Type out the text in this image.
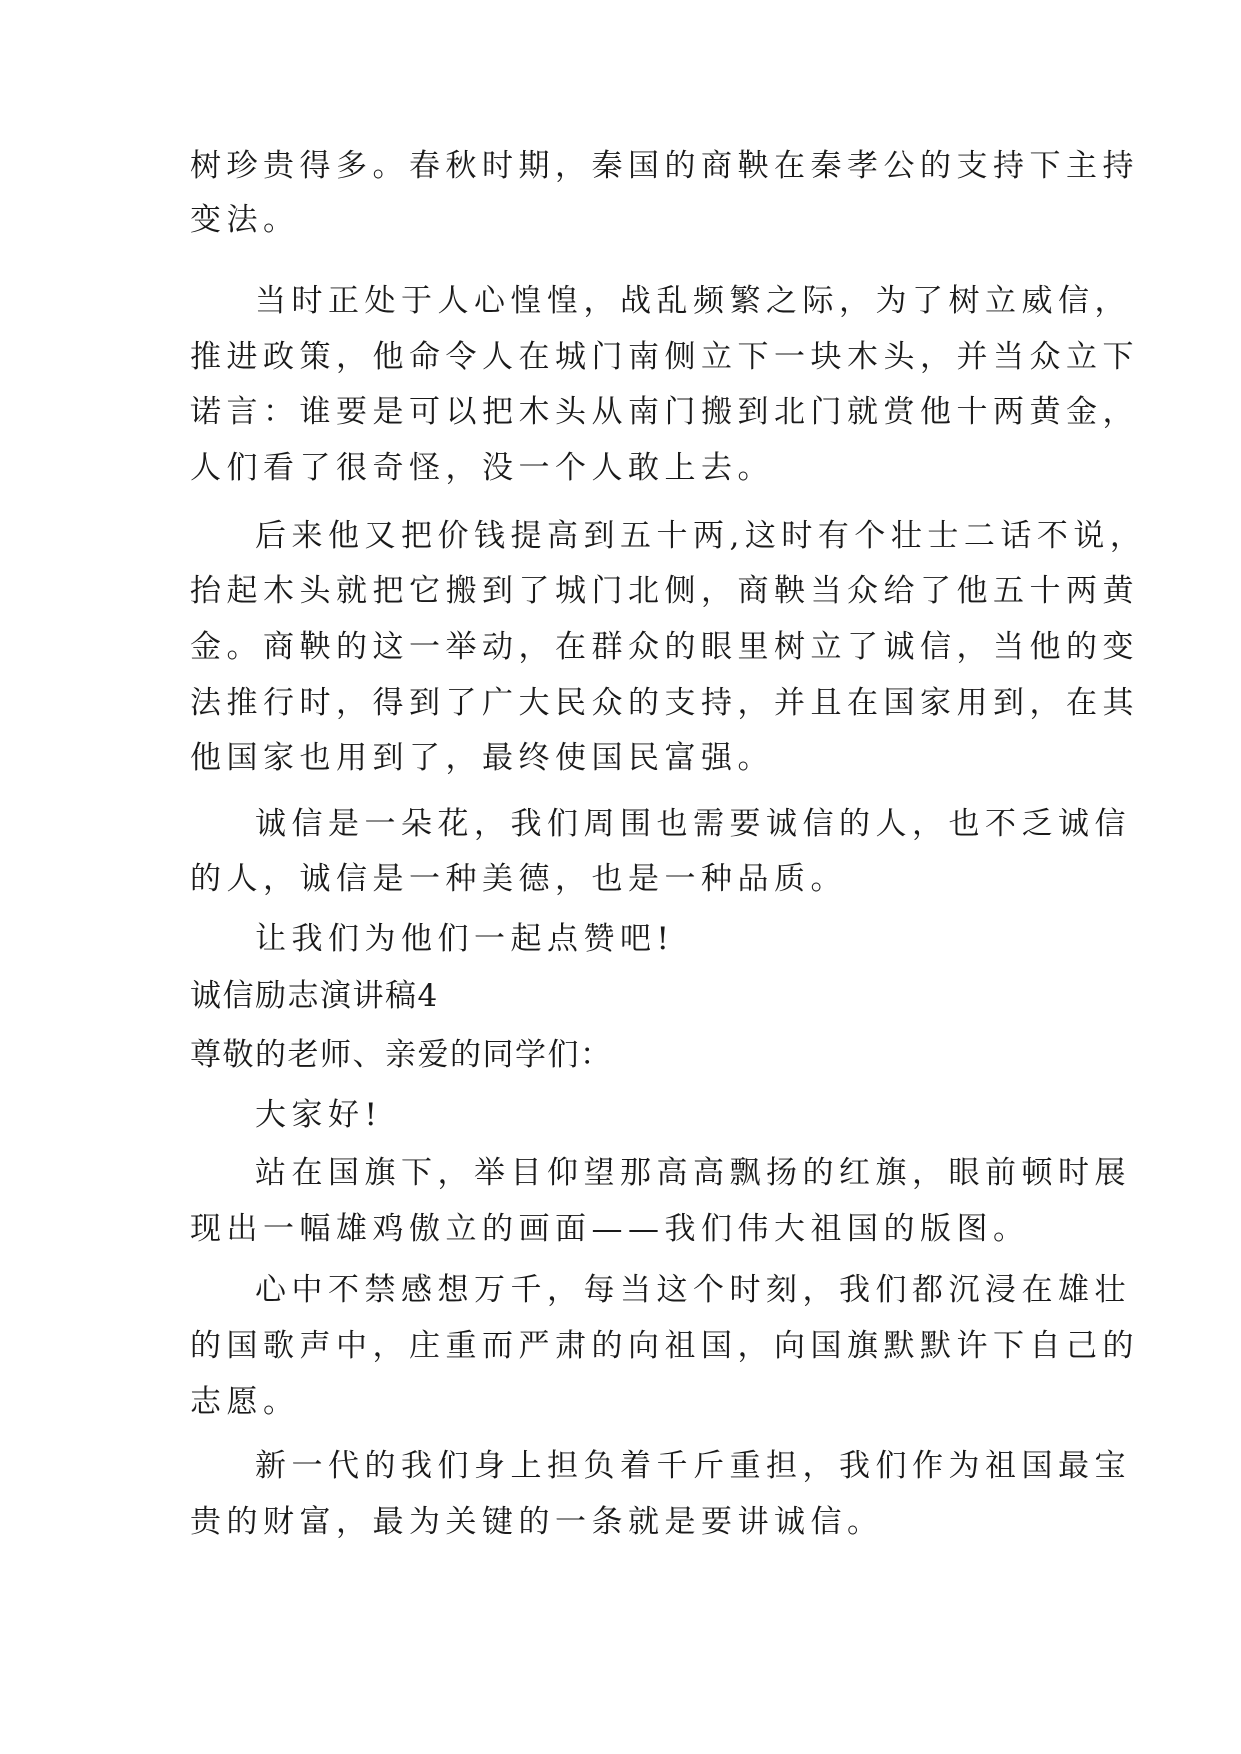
树珍贵得多。春秋时期，秦国的商鞅在秦孝公的支持下主持
变法。
当时正处于人心惶惶，战乱频繁之际，为了树立威信，
推进政策，他命令人在城门南侧立下一块木头，并当众立下
诺言：谁要是可以把木头从南门搬到北门就赏他十两黄金，
人们看了很奇怪，没一个人敢上去。
后来他又把价钱提高到五十两,这时有个壮士二话不说，
抬起木头就把它搬到了城门北侧，商鞅当众给了他五十两黄
金。商鞅的这一举动，在群众的眼里树立了诚信，当他的变
法推行时，得到了广大民众的支持，并且在国家用到，在其
他国家也用到了，最终使国民富强。
诚信是一朵花，我们周围也需要诚信的人，也不乏诚信
的人，诚信是一种美德，也是一种品质。
让我们为他们一起点赞吧!
诚信励志演讲稿4
尊敬的老师、亲爱的同学们：
大家好!
站在国旗下，举目仰望那高高飘扬的红旗，眼前顿时展
现出一幅雄鸡傲立的画面——我们伟大祖国的版图。
心中不禁感想万千，每当这个时刻，我们都沉浸在雄壮
的国歌声中，庄重而严肃的向祖国，向国旗默默许下自己的
志愿。
新一代的我们身上担负着千斤重担，我们作为祖国最宝
贵的财富，最为关键的一条就是要讲诚信。
